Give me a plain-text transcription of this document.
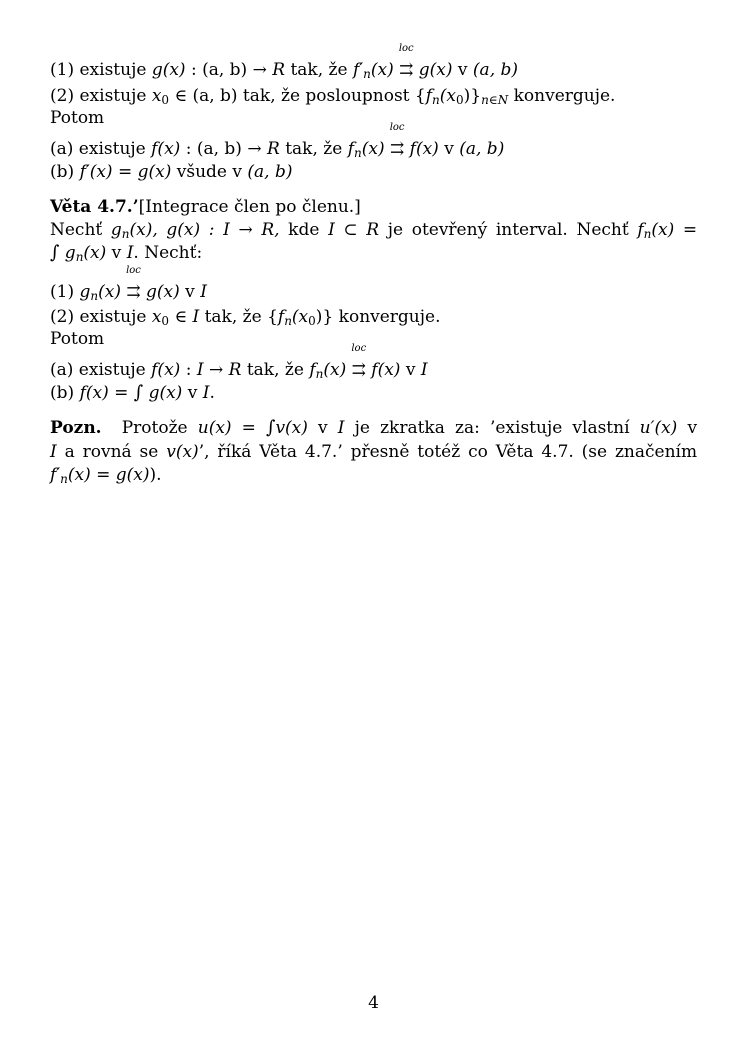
(1) existuje g(x) : (a, b) → R tak, že $f'_n(x)$
loc
⇉ g(x) v (a, b)
(2) existuje $x_0$ ∈ (a, b) tak, že posloupnost $\{f_n(x_0)\}_{n\in N}$ konverguje.
Potom
(a) existuje f(x) : (a, b) → R tak, že $f_n(x)$
loc
⇉ f(x) v (a, b)
(b) f′(x) = g(x) všude v (a, b)
Věta 4.7.’[Integrace člen po členu.]
Nechť $g_n(x)$, g(x) : I → R, kde I ⊂ R je otevřený interval. Nechť $f_n(x)$ =
∫ $g_n(x)$ v I. Nechť:
(1) $g_n(x)$
loc
⇉ g(x) v I
(2) existuje $x_0$ ∈ I tak, že $\{f_n(x_0)\}$ konverguje.
Potom
(a) existuje f(x) : I → R tak, že $f_n(x)$
loc
⇉ f(x) v I
(b) f(x) = ∫ g(x) v I.
Pozn. Protože u(x) = ∫v(x) v I je zkratka za: ’existuje vlastní u′(x) v
I a rovná se v(x)’, říká Věta 4.7.’ přesně totéž co Věta 4.7. (se značením
$f'_n(x) = g(x)$).
4
